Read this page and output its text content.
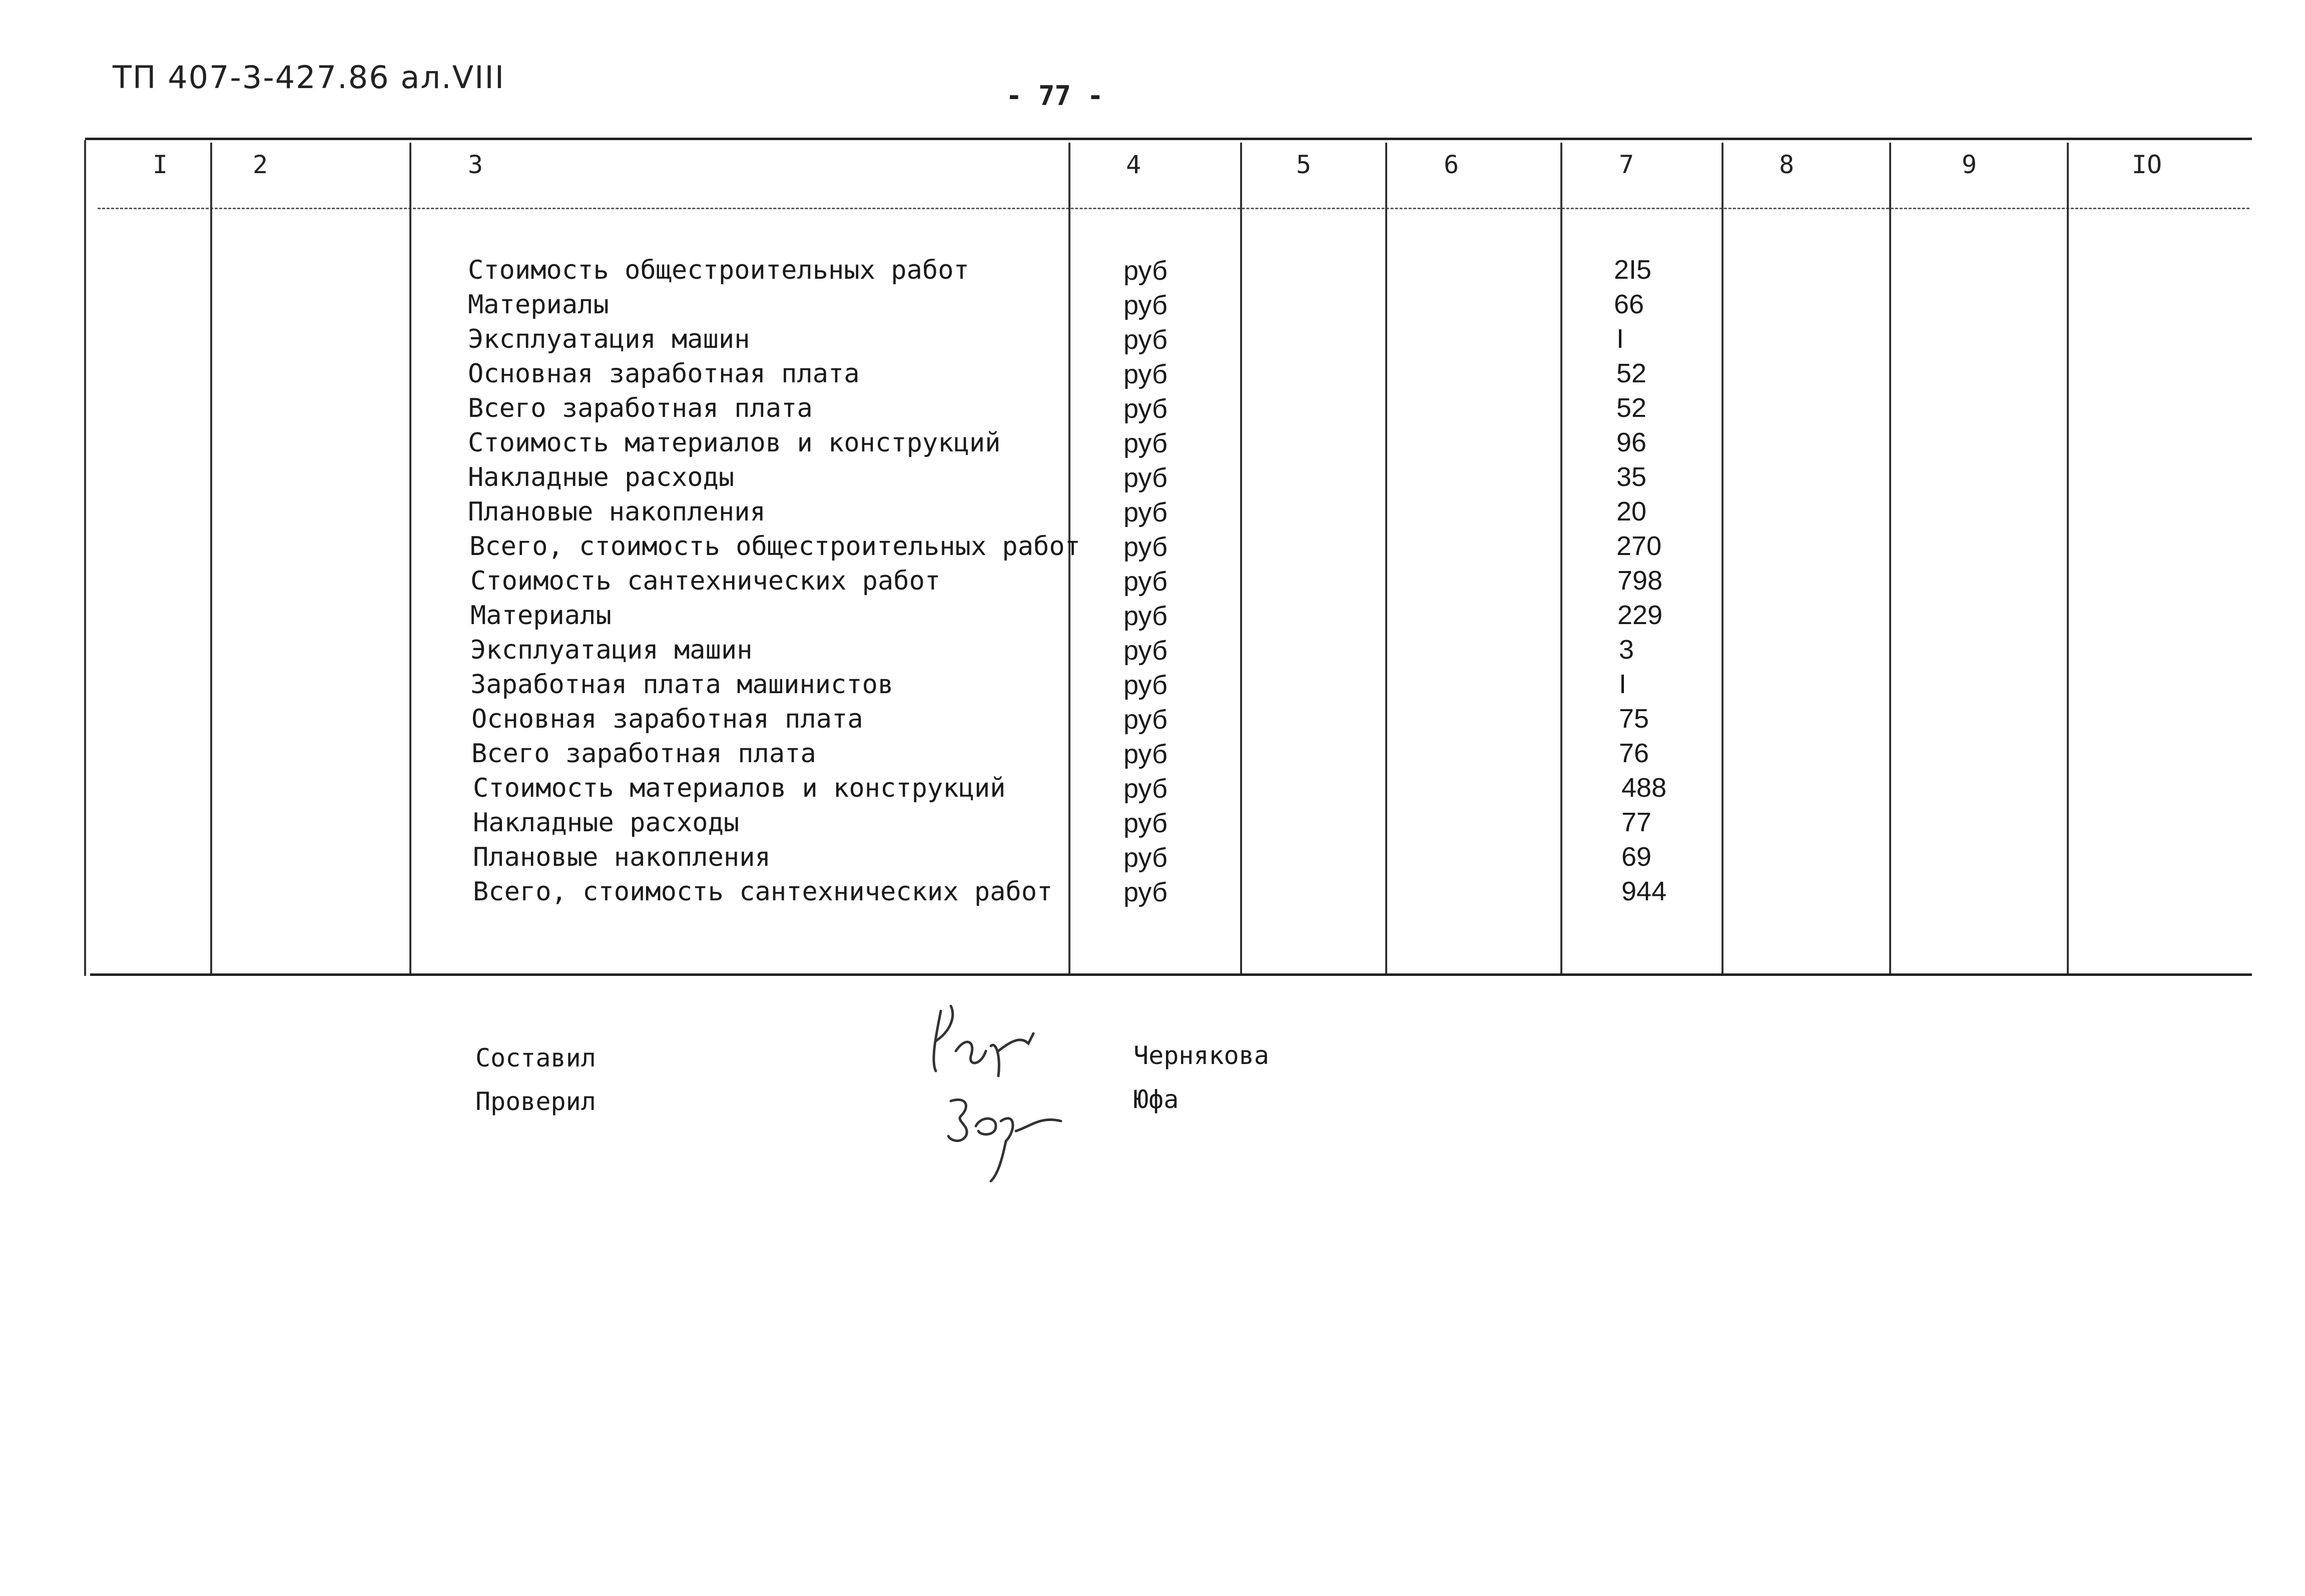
ТП 407-3-427.86 ал.VIII
- 77 -
I	2	3	4	5	6	7	8	9	IO
Стоимость общестроительных работ	руб	2I5
Материалы	руб	66
Эксплуатация машин	руб	I
Основная заработная плата	руб	52
Всего заработная плата	руб	52
Стоимость материалов и конструкций	руб	96
Накладные расходы	руб	35
Плановые накопления	руб	20
Всего, стоимость общестроительных работ руб	270
Стоимость сантехнических работ	руб	798
Материалы	руб	229
Эксплуатация машин	руб	3
Заработная плата машинистов	руб	I
Основная заработная плата	руб	75
Всего заработная плата	руб	76
Стоимость материалов и конструкций	руб	488
Накладные расходы	руб	77
Плановые накопления	руб	69
Всего, стоимость сантехнических работ	руб	944
Составил	Чернякова
Проверил	Юфа
